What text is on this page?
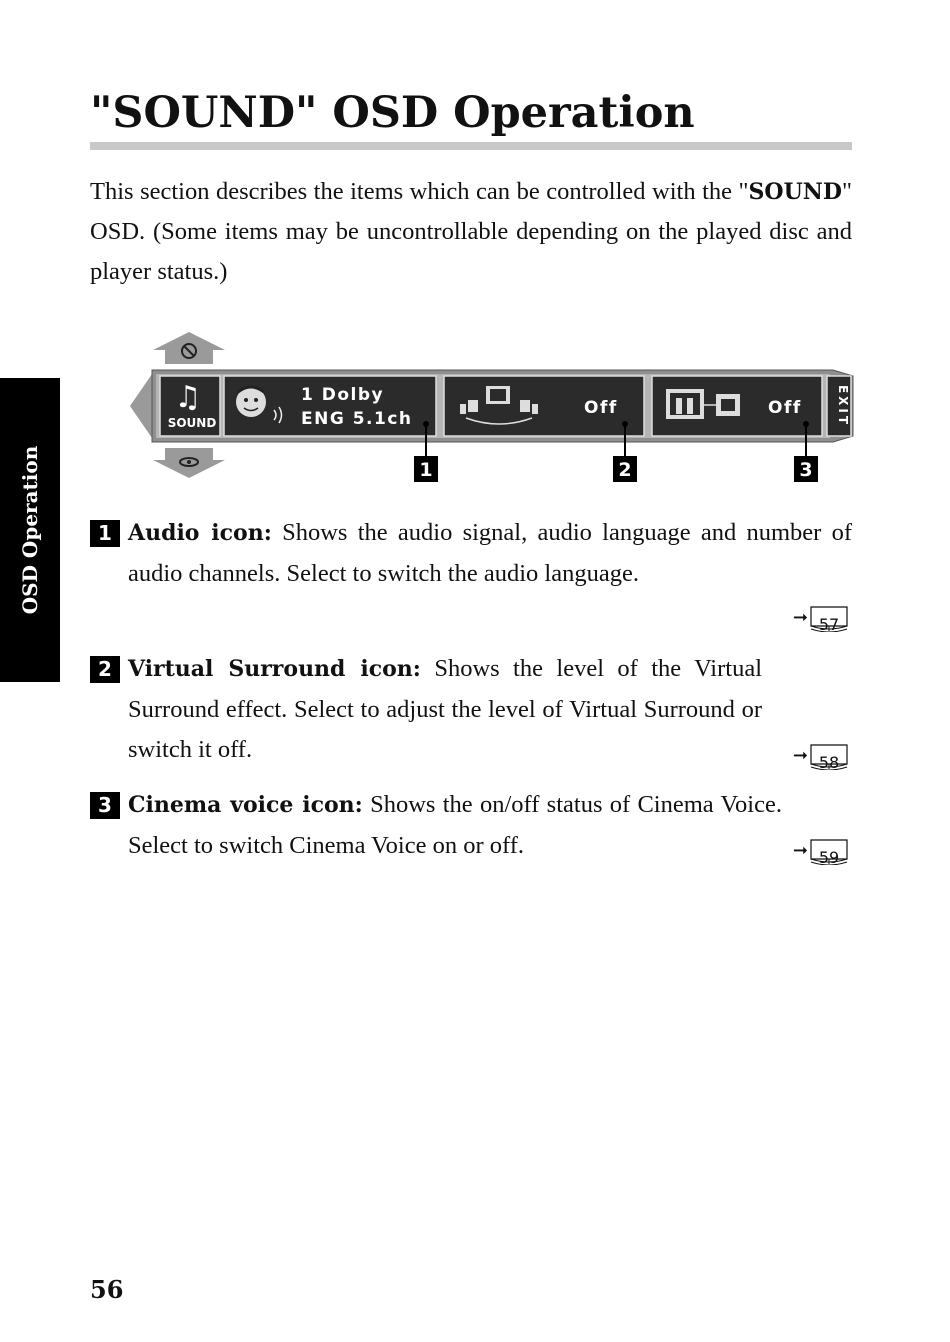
"SOUND" OSD Operation

This section describes the items which can be controlled with the "SOUND" OSD. (Some items may be uncontrollable depending on the played disc and player status.)

OSD Operation
♫
SOUND
1 Dolby
ENG 5.1ch
Off	Off	EXIT
1	2	3
1 Audio icon: Shows the audio signal, audio language and number of audio channels. Select to switch the audio language.

➞ 57
2 Virtual Surround icon: Shows the level of the Virtual Surround effect. Select to adjust the level of Virtual Surround or switch it off.	➞ 58
3 Cinema voice icon: Shows the on/off status of Cinema Voice. Select to switch Cinema Voice on or off.	➞ 59
56
